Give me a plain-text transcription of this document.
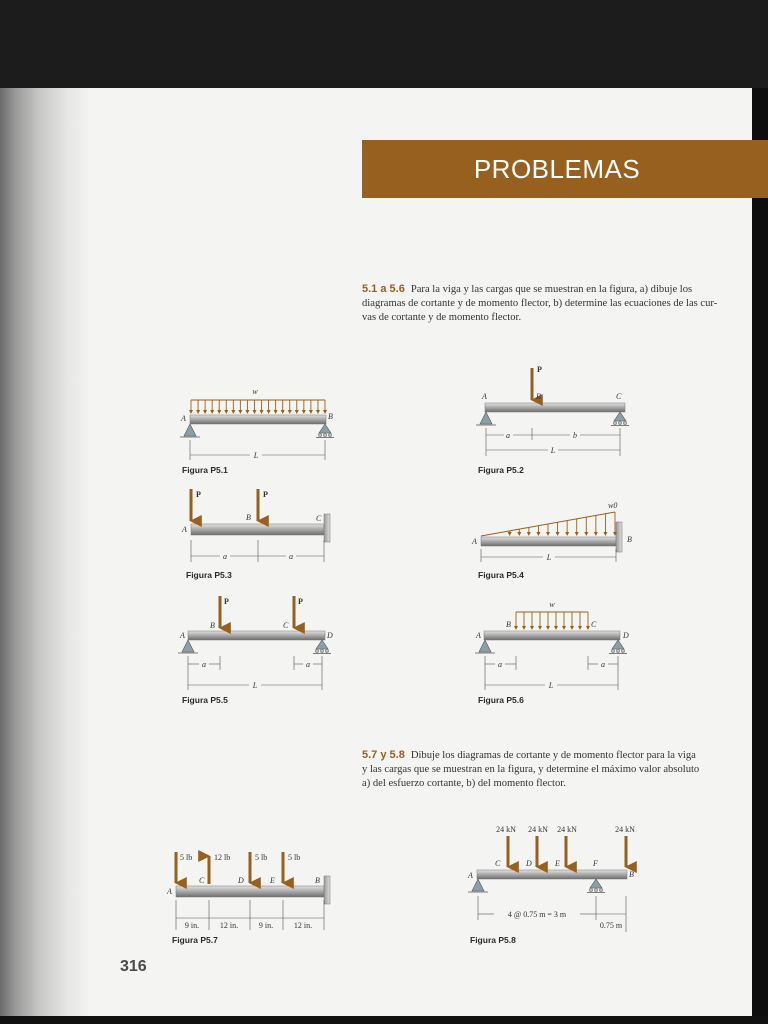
PROBLEMAS
5.1 a 5.6 Para la viga y las cargas que se muestran en la figura, a) dibuje los
diagramas de cortante y de momento flector, b) determine las ecuaciones de las cur-
vas de cortante y de momento flector.
5.7 y 5.8 Dibuje los diagramas de cortante y de momento flector para la viga
y las cargas que se muestran en la figura, y determine el máximo valor absoluto
a) del esfuerzo cortante, b) del momento flector.
w
A	B
L
Figura P5.1
P
A	B	C
a	b
L
Figura P5.2
P	P
A
B	C
a	a
Figura P5.3
w0
A	B
L
Figura P5.4
P	P
A
B	C
D
a	a
L
Figura P5.5
w
A
B	C
D
a	a
L
Figura P5.6
5 lb	12 lb	5 lb	5 lb
A
C	D	E	B
9 in.	12 in.	9 in.	12 in.
Figura P5.7
24 kN 24 kN 24 kN	24 kN
A
C	D	E	F
B
4 @ 0.75 m = 3 m
0.75 m
Figura P5.8
316
